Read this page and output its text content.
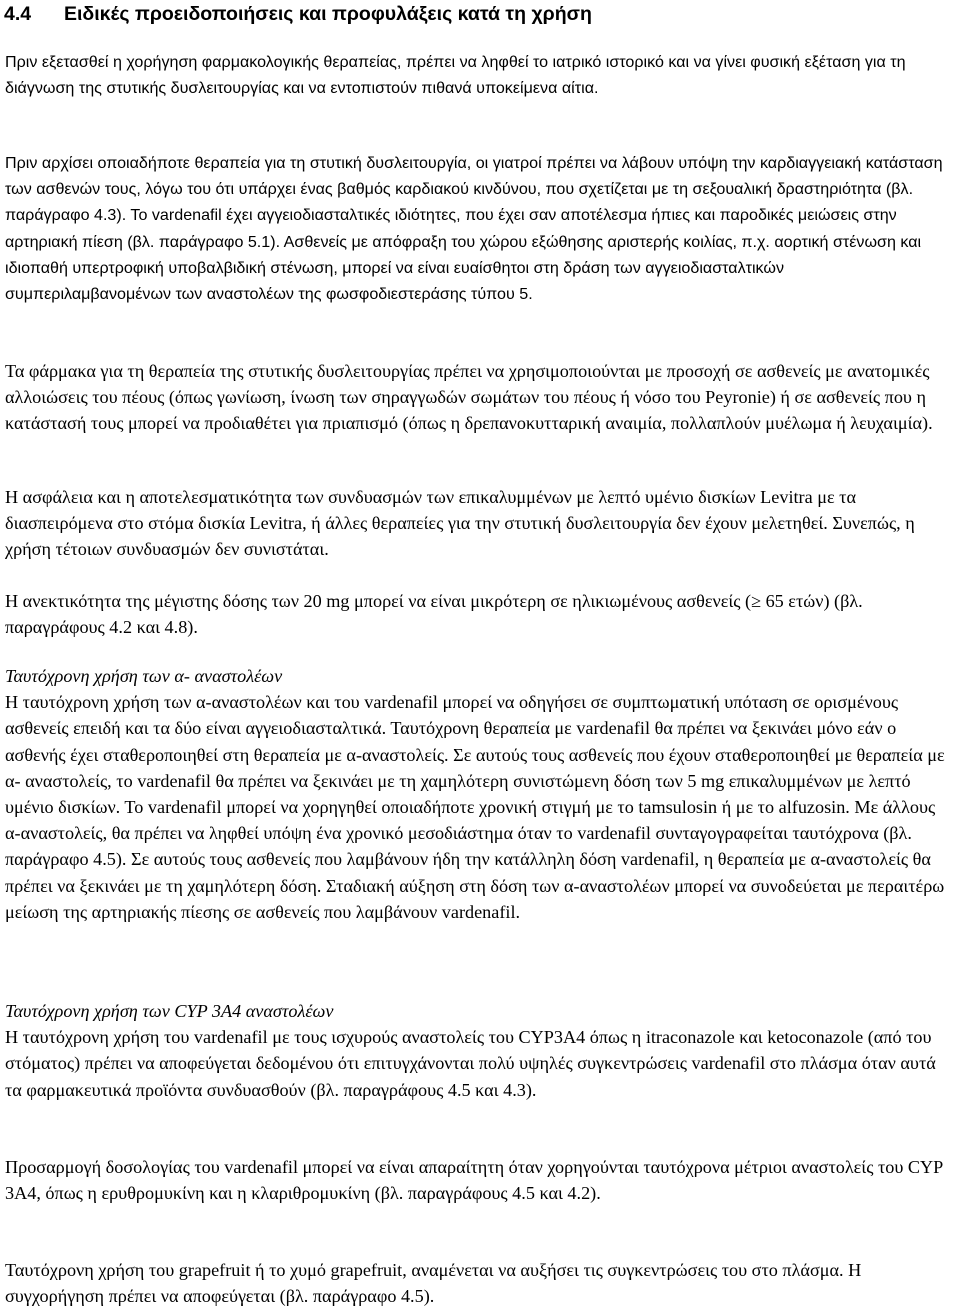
4.4 Ειδικές προειδοποιήσεις και προφυλάξεις κατά τη χρήση

Πριν εξετασθεί η χορήγηση φαρμακολογικής θεραπείας, πρέπει να ληφθεί το ιατρικό ιστορικό και να γίνει φυσική εξέταση για τη διάγνωση της στυτικής δυσλειτουργίας και να εντοπιστούν πιθανά υποκείμενα αίτια.

Πριν αρχίσει οποιαδήποτε θεραπεία για τη στυτική δυσλειτουργία, οι γιατροί πρέπει να λάβουν υπόψη την καρδιαγγειακή κατάσταση των ασθενών τους, λόγω του ότι υπάρχει ένας βαθμός καρδιακού κινδύνου, που σχετίζεται με τη σεξουαλική δραστηριότητα (βλ. παράγραφο 4.3). Το vardenafil έχει αγγειοδιασταλτικές ιδιότητες, που έχει σαν αποτέλεσμα ήπιες και παροδικές μειώσεις στην αρτηριακή πίεση (βλ. παράγραφο 5.1). Ασθενείς με απόφραξη του χώρου εξώθησης αριστερής κοιλίας, π.χ. αορτική στένωση και ιδιοπαθή υπερτροφική υποβαλβιδική στένωση, μπορεί να είναι ευαίσθητοι στη δράση των αγγειοδιασταλτικών συμπεριλαμβανομένων των αναστολέων της φωσφοδιεστεράσης τύπου 5.

Τα φάρμακα για τη θεραπεία της στυτικής δυσλειτουργίας πρέπει να χρησιμοποιούνται με προσοχή σε ασθενείς με ανατομικές αλλοιώσεις του πέους (όπως γωνίωση, ίνωση των σηραγγωδών σωμάτων του πέους ή νόσο του Peyronie) ή σε ασθενείς που η κατάστασή τους μπορεί να προδιαθέτει για πριαπισμό (όπως η δρεπανοκυτταρική αναιμία, πολλαπλούν μυέλωμα ή λευχαιμία).

Η ασφάλεια και η αποτελεσματικότητα των συνδυασμών των επικαλυμμένων με λεπτό υμένιο δισκίων Levitra με τα διασπειρόμενα στο στόμα δισκία Levitra, ή άλλες θεραπείες για την στυτική δυσλειτουργία δεν έχουν μελετηθεί. Συνεπώς, η χρήση τέτοιων συνδυασμών δεν συνιστάται.

Η ανεκτικότητα της μέγιστης δόσης των 20 mg μπορεί να είναι μικρότερη σε ηλικιωμένους ασθενείς (≥ 65 ετών) (βλ. παραγράφους 4.2 και 4.8).

Ταυτόχρονη χρήση των α- αναστολέων
Η ταυτόχρονη χρήση των α-αναστολέων και του vardenafil μπορεί να οδηγήσει σε συμπτωματική υπόταση σε ορισμένους ασθενείς επειδή και τα δύο είναι αγγειοδιασταλτικά. Ταυτόχρονη θεραπεία με vardenafil θα πρέπει να ξεκινάει μόνο εάν ο ασθενής έχει σταθεροποιηθεί στη θεραπεία με α-αναστολείς. Σε αυτούς τους ασθενείς που έχουν σταθεροποιηθεί με θεραπεία με α- αναστολείς, το vardenafil θα πρέπει να ξεκινάει με τη χαμηλότερη συνιστώμενη δόση των 5 mg επικαλυμμένων με λεπτό υμένιο δισκίων. Το vardenafil μπορεί να χορηγηθεί οποιαδήποτε χρονική στιγμή με το tamsulosin ή με το alfuzosin. Με άλλους α-αναστολείς, θα πρέπει να ληφθεί υπόψη ένα χρονικό μεσοδιάστημα όταν το vardenafil συνταγογραφείται ταυτόχρονα (βλ. παράγραφο 4.5). Σε αυτούς τους ασθενείς που λαμβάνουν ήδη την κατάλληλη δόση vardenafil, η θεραπεία με α-αναστολείς θα πρέπει να ξεκινάει με τη χαμηλότερη δόση. Σταδιακή αύξηση στη δόση των α-αναστολέων μπορεί να συνοδεύεται με περαιτέρω μείωση της αρτηριακής πίεσης σε ασθενείς που λαμβάνουν vardenafil.
Ταυτόχρονη χρήση των CYP 3A4 αναστολέων
Η ταυτόχρονη χρήση του vardenafil με τους ισχυρούς αναστολείς του CYP3A4 όπως η itraconazole και ketoconazole (από του στόματος) πρέπει να αποφεύγεται δεδομένου ότι επιτυγχάνονται πολύ υψηλές συγκεντρώσεις vardenafil στο πλάσμα όταν αυτά τα φαρμακευτικά προϊόντα συνδυασθούν (βλ. παραγράφους 4.5 και 4.3).

Προσαρμογή δοσολογίας του vardenafil μπορεί να είναι απαραίτητη όταν χορηγούνται ταυτόχρονα μέτριοι αναστολείς του CYP 3A4, όπως η ερυθρομυκίνη και η κλαριθρομυκίνη (βλ. παραγράφους 4.5 και 4.2).

Ταυτόχρονη χρήση του grapefruit ή το χυμό grapefruit, αναμένεται να αυξήσει τις συγκεντρώσεις του στο πλάσμα. Η συγχορήγηση πρέπει να αποφεύγεται (βλ. παράγραφο 4.5).
